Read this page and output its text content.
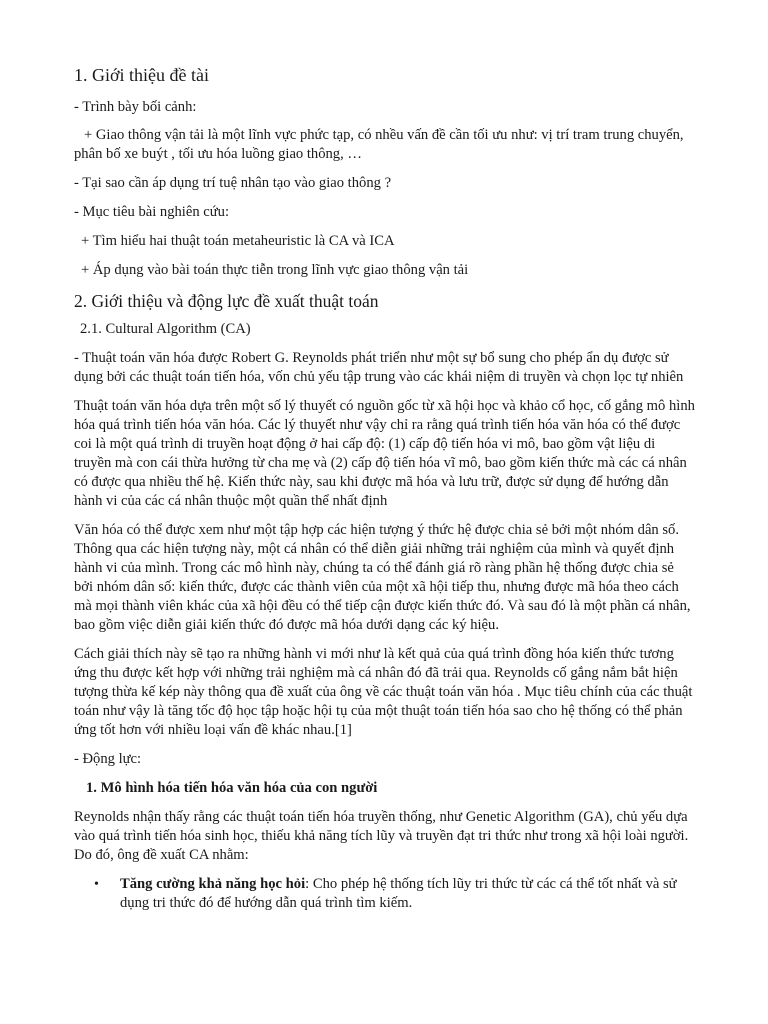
1. Giới thiệu đề tài

- Trình bày bối cảnh:

+ Giao thông vận tải là một lĩnh vực phức tạp, có nhều vấn đề cần tối ưu như: vị trí tram trung chuyển, phân bố xe buýt , tối ưu hóa luồng giao thông, …

- Tại sao cần áp dụng trí tuệ nhân tạo vào giao thông ?

- Mục tiêu bài nghiên cứu:

+ Tìm hiểu hai thuật toán metaheuristic là CA và ICA

+ Áp dụng vào bài toán thực tiễn trong lĩnh vực giao thông vận tải

2. Giới thiệu và động lực đề xuất thuật toán

2.1. Cultural Algorithm (CA)

- Thuật toán văn hóa được Robert G. Reynolds phát triển như một sự bổ sung cho phép ẩn dụ được sử dụng bởi các thuật toán tiến hóa, vốn chủ yếu tập trung vào các khái niệm di truyền và chọn lọc tự nhiên

Thuật toán văn hóa dựa trên một số lý thuyết có nguồn gốc từ xã hội học và khảo cổ học, cố gắng mô hình hóa quá trình tiến hóa văn hóa. Các lý thuyết như vậy chỉ ra rằng quá trình tiến hóa văn hóa có thể được coi là một quá trình di truyền hoạt động ở hai cấp độ: (1) cấp độ tiến hóa vi mô, bao gồm vật liệu di truyền mà con cái thừa hưởng từ cha mẹ và (2) cấp độ tiến hóa vĩ mô, bao gồm kiến thức mà các cá nhân có được qua nhiều thế hệ. Kiến thức này, sau khi được mã hóa và lưu trữ, được sử dụng để hướng dẫn hành vi của các cá nhân thuộc một quần thể nhất định

Văn hóa có thể được xem như một tập hợp các hiện tượng ý thức hệ được chia sẻ bởi một nhóm dân số. Thông qua các hiện tượng này, một cá nhân có thể diễn giải những trải nghiệm của mình và quyết định hành vi của mình. Trong các mô hình này, chúng ta có thể đánh giá rõ ràng phần hệ thống được chia sẻ bởi nhóm dân số: kiến thức, được các thành viên của một xã hội tiếp thu, nhưng được mã hóa theo cách mà mọi thành viên khác của xã hội đều có thể tiếp cận được kiến thức đó. Và sau đó là một phần cá nhân, bao gồm việc diễn giải kiến thức đó được mã hóa dưới dạng các ký hiệu.

Cách giải thích này sẽ tạo ra những hành vi mới như là kết quả của quá trình đồng hóa kiến thức tương ứng thu được kết hợp với những trải nghiệm mà cá nhân đó đã trải qua. Reynolds cố gắng nắm bắt hiện tượng thừa kế kép này thông qua đề xuất của ông về các thuật toán văn hóa . Mục tiêu chính của các thuật toán như vậy là tăng tốc độ học tập hoặc hội tụ của một thuật toán tiến hóa sao cho hệ thống có thể phản ứng tốt hơn với nhiều loại vấn đề khác nhau.[1]

- Động lực:

1. Mô hình hóa tiến hóa văn hóa của con người

Reynolds nhận thấy rằng các thuật toán tiến hóa truyền thống, như Genetic Algorithm (GA), chủ yếu dựa vào quá trình tiến hóa sinh học, thiếu khả năng tích lũy và truyền đạt tri thức như trong xã hội loài người. Do đó, ông đề xuất CA nhằm:

• Tăng cường khả năng học hỏi: Cho phép hệ thống tích lũy tri thức từ các cá thể tốt nhất và sử dụng tri thức đó để hướng dẫn quá trình tìm kiếm.
